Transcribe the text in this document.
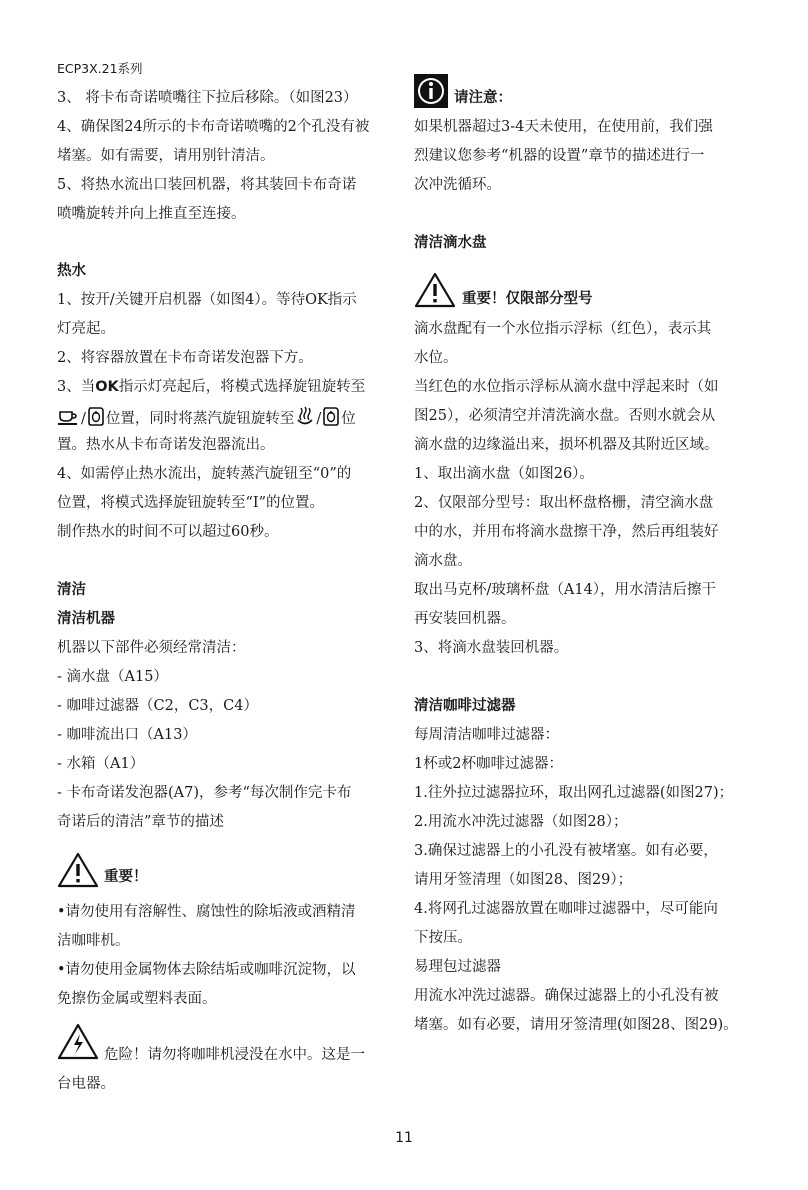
ECP3X.21系列
3、 将卡布奇诺喷嘴往下拉后移除。（如图23）
4、确保图24所示的卡布奇诺喷嘴的2个孔没有被
堵塞。如有需要，请用别针清洁。
5、将热水流出口装回机器，将其装回卡布奇诺
喷嘴旋转并向上推直至连接。
热水
1、按开/关键开启机器（如图4）。等待OK指示
灯亮起。
2、将容器放置在卡布奇诺发泡器下方。
3、当OK指示灯亮起后，将模式选择旋钮旋转至
/ 位置，同时将蒸汽旋钮旋转至 / 位
置。热水从卡布奇诺发泡器流出。
4、如需停止热水流出，旋转蒸汽旋钮至“0”的
位置，将模式选择旋钮旋转至“I”的位置。
制作热水的时间不可以超过60秒。
清洁
清洁机器
机器以下部件必须经常清洁：
- 滴水盘（A15）
- 咖啡过滤器（C2，C3，C4）
- 咖啡流出口（A13）
- 水箱（A1）
- 卡布奇诺发泡器(A7)，参考“每次制作完卡布
奇诺后的清洁”章节的描述
重要！
•请勿使用有溶解性、腐蚀性的除垢液或酒精清
洁咖啡机。
•请勿使用金属物体去除结垢或咖啡沉淀物，以
免擦伤金属或塑料表面。
危险！请勿将咖啡机浸没在水中。这是一
台电器。
请注意：
如果机器超过3-4天未使用，在使用前，我们强
烈建议您参考“机器的设置”章节的描述进行一
次冲洗循环。
清洁滴水盘
重要！仅限部分型号
滴水盘配有一个水位指示浮标（红色），表示其
水位。
当红色的水位指示浮标从滴水盘中浮起来时（如
图25），必须清空并清洗滴水盘。否则水就会从
滴水盘的边缘溢出来，损坏机器及其附近区域。
1、取出滴水盘（如图26）。
2、仅限部分型号：取出杯盘格栅，清空滴水盘
中的水，并用布将滴水盘擦干净，然后再组装好
滴水盘。
取出马克杯/玻璃杯盘（A14），用水清洁后擦干
再安装回机器。
3、将滴水盘装回机器。
清洁咖啡过滤器
每周清洁咖啡过滤器：
1杯或2杯咖啡过滤器：
1.往外拉过滤器拉环，取出网孔过滤器(如图27)；
2.用流水冲洗过滤器（如图28）；
3.确保过滤器上的小孔没有被堵塞。如有必要，
请用牙签清理（如图28、图29）；
4.将网孔过滤器放置在咖啡过滤器中，尽可能向
下按压。
易理包过滤器
用流水冲洗过滤器。确保过滤器上的小孔没有被
堵塞。如有必要，请用牙签清理(如图28、图29)。
11
